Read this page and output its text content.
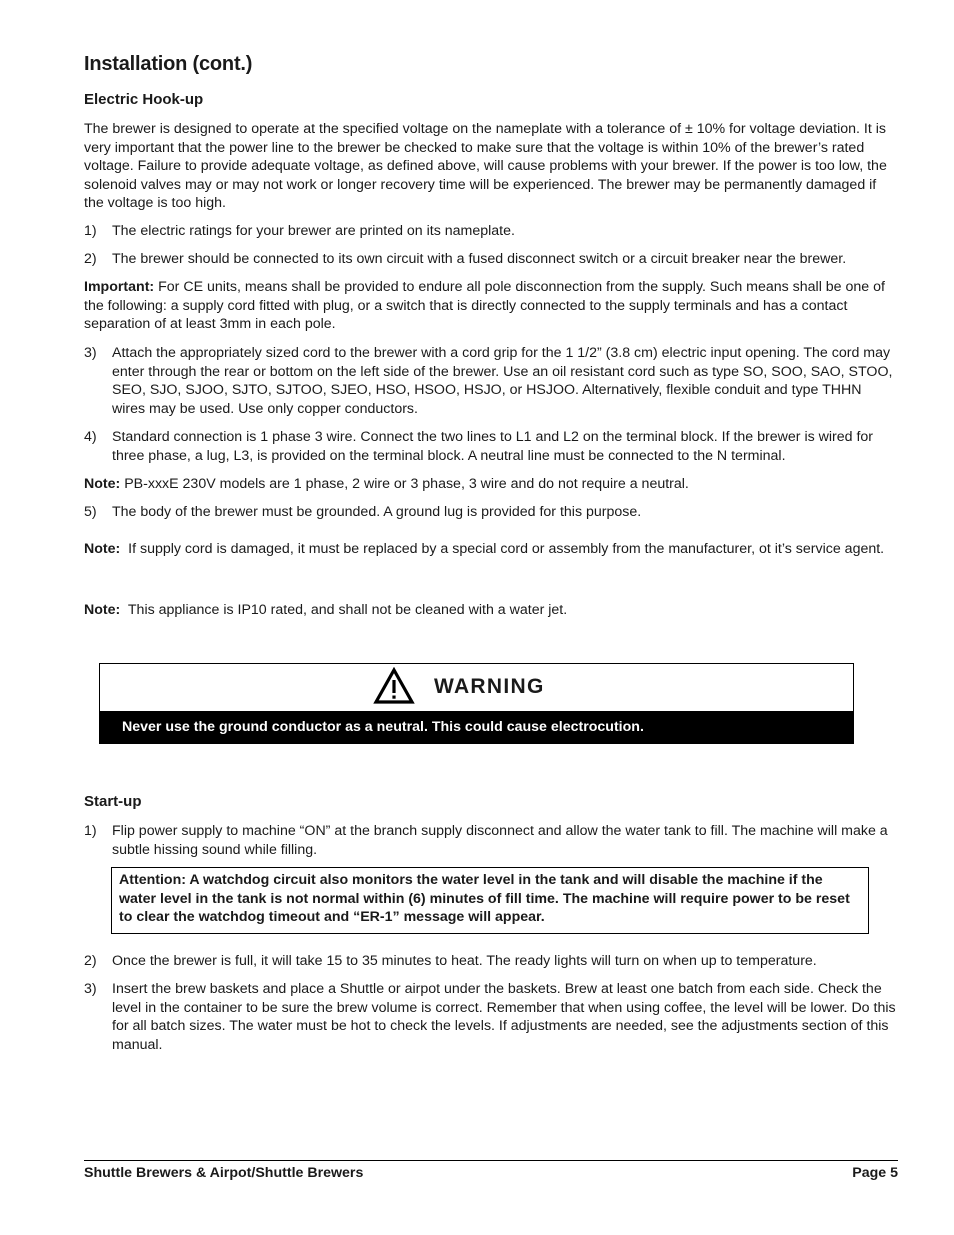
Installation (cont.)
Electric Hook-up
The brewer is designed to operate at the specified voltage on the nameplate with a tolerance of ± 10% for voltage deviation. It is very important that the power line to the brewer be checked to make sure that the voltage is within 10% of the brewer’s rated voltage. Failure to provide adequate voltage, as defined above, will cause problems with your brewer. If the power is too low, the solenoid valves may or may not work or longer recovery time will be experienced. The brewer may be permanently damaged if the voltage is too high.
1)	The electric ratings for your brewer are printed on its nameplate.
2)	The brewer should be connected to its own circuit with a fused disconnect switch or a circuit breaker near the brewer.
Important: For CE units, means shall be provided to endure all pole disconnection from the supply. Such means shall be one of the following: a supply cord fitted with plug, or a switch that is directly connected to the supply terminals and has a contact separation of at least 3mm in each pole.
3)	Attach the appropriately sized cord to the brewer with a cord grip for the 1 1/2” (3.8 cm) electric input opening. The cord may enter through the rear or bottom on the left side of the brewer. Use an oil resistant cord such as type SO, SOO, SAO, STOO, SEO, SJO, SJOO, SJTO, SJTOO, SJEO, HSO, HSOO, HSJO, or HSJOO. Alternatively, flexible conduit and type THHN wires may be used. Use only copper conductors.
4)	Standard connection is 1 phase 3 wire. Connect the two lines to L1 and L2 on the terminal block. If the brewer is wired for three phase, a lug, L3, is provided on the terminal block. A neutral line must be connected to the N terminal.
Note: PB-xxxE 230V models are 1 phase, 2 wire or 3 phase, 3 wire and do not require a neutral.
5)	The body of the brewer must be grounded. A ground lug is provided for this purpose.
Note:  If supply cord is damaged, it must be replaced by a special cord or assembly from the manufacturer, ot it’s service agent.
Note:  This appliance is IP10 rated, and shall not be cleaned with a water jet.
Start-up
1)	Flip power supply to machine “ON” at the branch supply disconnect and allow the water tank to fill. The machine will make a subtle hissing sound while filling.
2)	Once the brewer is full, it will take 15 to 35 minutes to heat. The ready lights will turn on when up to temperature.
3)	Insert the brew baskets and place a Shuttle or airpot under the baskets. Brew at least one batch from each side. Check the level in the container to be sure the brew volume is correct. Remember that when using coffee, the level will be lower. Do this for all batch sizes. The water must be hot to check the levels. If adjustments are needed, see the adjustments section of this manual.
WARNING
Never use the ground conductor as a neutral. This could cause electrocution.
Attention: A watchdog circuit also monitors the water level in the tank and will disable the machine if the water level in the tank is not normal within (6) minutes of fill time. The machine will require power to be reset to clear the watchdog timeout and “ER-1” message will appear.
Shuttle Brewers & Airpot/Shuttle Brewers	Page 5
